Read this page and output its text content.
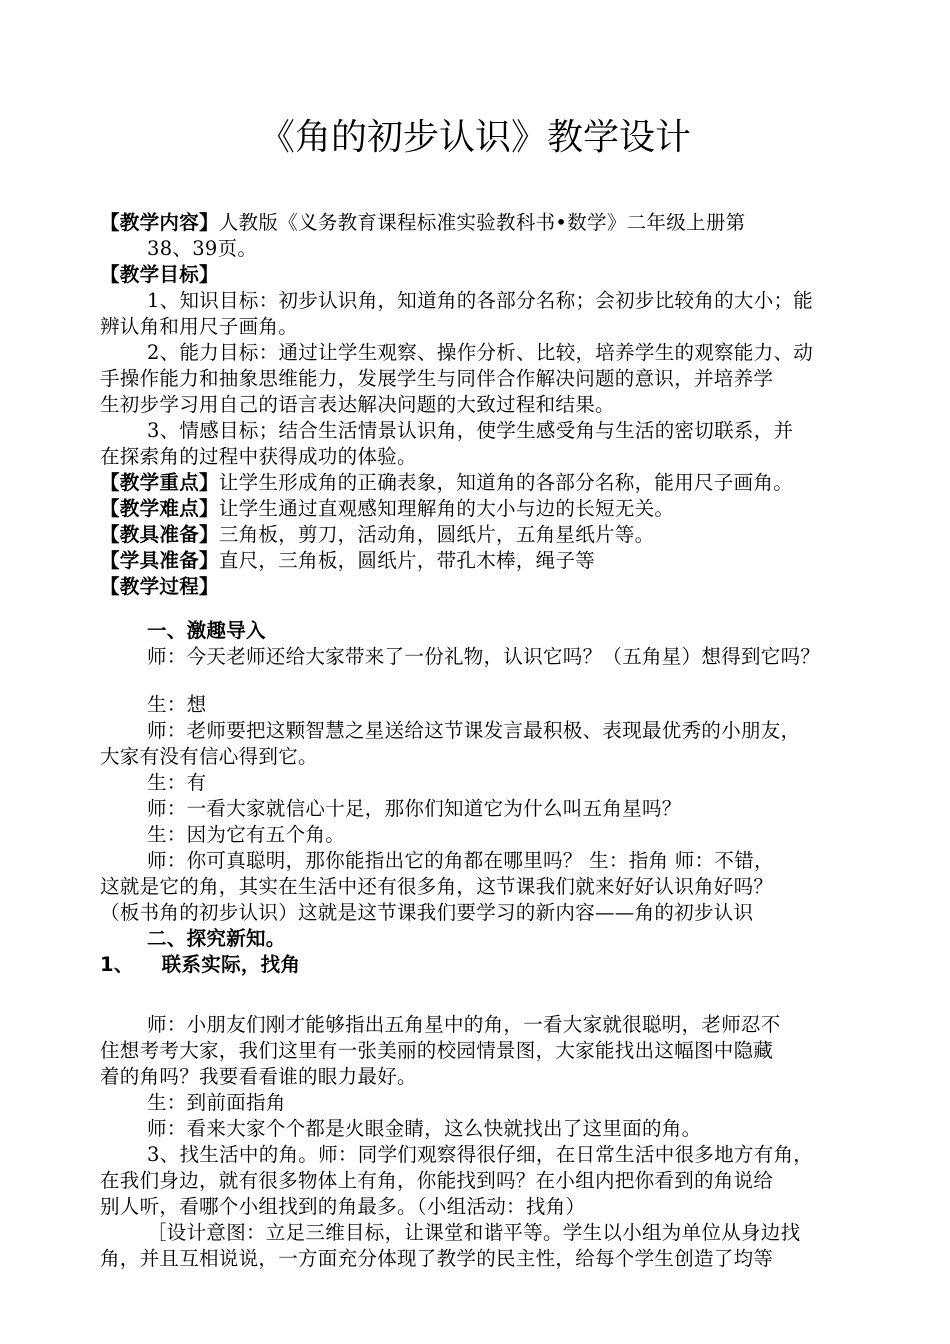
《角的初步认识》教学设计
【教学内容】人教版《义务教育课程标准实验教科书•数学》二年级上册第
38、39页。
【教学目标】
1、知识目标：初步认识角，知道角的各部分名称；会初步比较角的大小；能
辨认角和用尺子画角。
2、能力目标：通过让学生观察、操作分析、比较，培养学生的观察能力、动
手操作能力和抽象思维能力，发展学生与同伴合作解决问题的意识，并培养学
生初步学习用自己的语言表达解决问题的大致过程和结果。
3、情感目标；结合生活情景认识角，使学生感受角与生活的密切联系，并
在探索角的过程中获得成功的体验。
【教学重点】让学生形成角的正确表象，知道角的各部分名称，能用尺子画角。
【教学难点】让学生通过直观感知理解角的大小与边的长短无关。
【教具准备】三角板，剪刀，活动角，圆纸片，五角星纸片等。
【学具准备】直尺，三角板，圆纸片，带孔木棒，绳子等
【教学过程】
一、激趣导入
师：今天老师还给大家带来了一份礼物，认识它吗？（五角星）想得到它吗？
生：想
师：老师要把这颗智慧之星送给这节课发言最积极、表现最优秀的小朋友，
大家有没有信心得到它。
生：有
师：一看大家就信心十足，那你们知道它为什么叫五角星吗？
生：因为它有五个角。
师：你可真聪明，那你能指出它的角都在哪里吗？ 生：指角 师：不错，
这就是它的角，其实在生活中还有很多角，这节课我们就来好好认识角好吗？
（板书角的初步认识）这就是这节课我们要学习的新内容——角的初步认识
二、探究新知。
1、 联系实际，找角
师：小朋友们刚才能够指出五角星中的角，一看大家就很聪明，老师忍不
住想考考大家，我们这里有一张美丽的校园情景图，大家能找出这幅图中隐藏
着的角吗？我要看看谁的眼力最好。
生：到前面指角
师：看来大家个个都是火眼金睛，这么快就找出了这里面的角。
3、找生活中的角。师：同学们观察得很仔细，在日常生活中很多地方有角，
在我们身边，就有很多物体上有角，你能找到吗？在小组内把你看到的角说给
别人听，看哪个小组找到的角最多。（小组活动：找角）
［设计意图：立足三维目标，让课堂和谐平等。学生以小组为单位从身边找
角，并且互相说说，一方面充分体现了教学的民主性，给每个学生创造了均等
